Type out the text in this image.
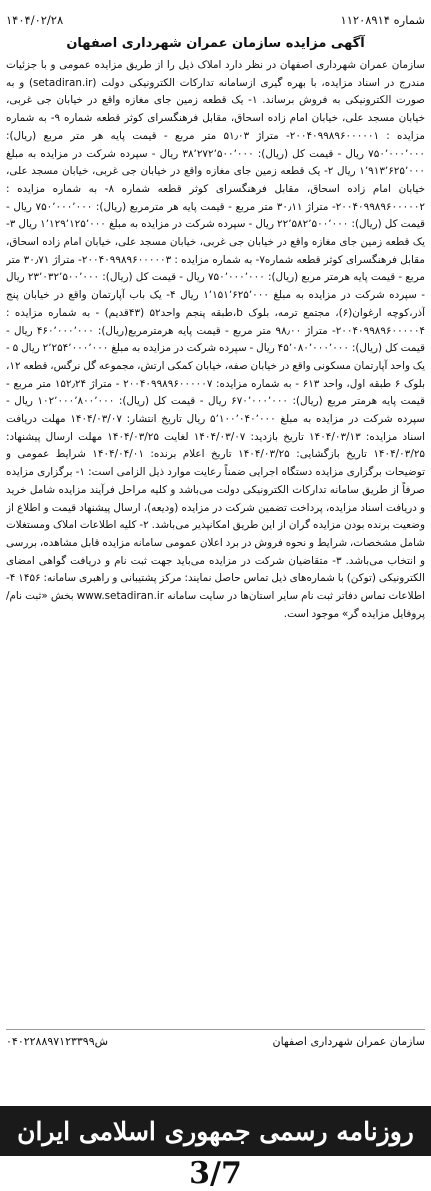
شماره ۱۱۲۰۸۹۱۴
۱۴۰۴/۰۲/۲۸
آگهی مزایده سازمان عمران شهرداری اصفهان
سازمان عمران شهرداری اصفهان در نظر دارد املاک ذیل را از طریق مزایده عمومی و با جزئیات مندرج در اسناد مزایده، با بهره گیری ازسامانه تدارکات الکترونیکی دولت (setadiran.ir) و به صورت الکترونیکی به فروش برساند. ۱- یک قطعه زمین جای مغازه واقع در خیابان جی غربی، خیابان مسجد علی، خیابان امام زاده اسحاق، مقابل فرهنگسرای کوثر قطعه شماره ۹- به شماره مزایده : ۲۰۰۴۰۹۹۸۹۶۰۰۰۰۰۱- متراژ ۵۱٫۰۳ متر مربع - قیمت پایه هر متر مربع (ریال): ۷۵۰٬۰۰۰٬۰۰۰ ریال - قیمت کل (ریال): ۳۸٬۲۷۲٬۵۰۰٬۰۰۰ ریال - سپرده شرکت در مزایده به مبلغ ۱٬۹۱۳٬۶۲۵٬۰۰۰ ریال ۲- یک قطعه زمین جای مغازه واقع در خیابان جی غربی، خیابان مسجد علی، خیابان امام زاده اسحاق، مقابل فرهنگسرای کوثر قطعه شماره ۸- به شماره مزایده : ۲۰۰۴۰۹۹۸۹۶۰۰۰۰۰۲- متراژ ۳۰٫۱۱ متر مربع - قیمت پایه هر مترمربع (ریال): ۷۵۰٬۰۰۰٬۰۰۰ ریال - قیمت کل (ریال): ۲۲٬۵۸۲٬۵۰۰٬۰۰۰ ریال - سپرده شرکت در مزایده به مبلغ ۱٬۱۲۹٬۱۲۵٬۰۰۰ ریال ۳- یک قطعه زمین جای مغازه واقع در خیابان جی غربی، خیابان مسجد علی، خیابان امام زاده اسحاق، مقابل فرهنگسرای کوثر قطعه شماره۷- به شماره مزایده : ۲۰۰۴۰۹۹۸۹۶۰۰۰۰۰۳- متراژ ۳۰٫۷۱ متر مربع - قیمت پایه هرمتر مربع (ریال): ۷۵۰٬۰۰۰٬۰۰۰ ریال - قیمت کل (ریال): ۲۳٬۰۳۲٬۵۰۰٬۰۰۰ ریال - سپرده شرکت در مزایده به مبلغ ۱٬۱۵۱٬۶۲۵٬۰۰۰ ریال ۴- یک باب آپارتمان واقع در خیابان پنج آذر،کوچه ارغوان(۶)، مجتمع ترمه، بلوک b،طبقه پنجم واحد۵۲ (۴۳قدیم) - به شماره مزایده : ۲۰۰۴۰۹۹۸۹۶۰۰۰۰۰۴- متراژ ۹۸٫۰۰ متر مربع - قیمت پایه هرمترمربع(ریال): ۴۶۰٬۰۰۰٬۰۰۰ ریال - قیمت کل (ریال): ۴۵٬۰۸۰٬۰۰۰٬۰۰۰ ریال - سپرده شرکت در مزایده به مبلغ ۲٬۲۵۴٬۰۰۰٬۰۰۰ ریال ۵ - یک واحد آپارتمان مسکونی واقع در خیابان صفه، خیابان کمکی ارتش، مجموعه گل نرگس، قطعه ۱۲، بلوک ۶ طبقه اول، واحد ۶۱۳ - به شماره مزایده: ۲۰۰۴۰۹۹۸۹۶۰۰۰۰۰۷ - متراژ ۱۵۲٫۲۴ متر مربع - قیمت پایه هرمتر مربع (ریال): ۶۷۰٬۰۰۰٬۰۰۰ ریال - قیمت کل (ریال): ۱۰۲٬۰۰۰٬۸۰۰٬۰۰۰ ریال - سپرده شرکت در مزایده به مبلغ ۵٬۱۰۰٬۰۴۰٬۰۰۰ ریال تاریخ انتشار: ۱۴۰۴/۰۳/۰۷ مهلت دریافت اسناد مزایده: ۱۴۰۴/۰۳/۱۳ تاریخ بازدید: ۱۴۰۴/۰۳/۰۷ لغایت ۱۴۰۴/۰۳/۲۵ مهلت ارسال پیشنهاد: ۱۴۰۴/۰۳/۲۵ تاریخ بازگشایی: ۱۴۰۴/۰۳/۲۵ تاریخ اعلام برنده: ۱۴۰۴/۰۴/۰۱ شرایط عمومی و توضیحات برگزاری مزایده دستگاه اجرایی ضمناً رعایت موارد ذیل الزامی است: ۱- برگزاری مزایده صرفاً از طریق سامانه تدارکات الکترونیکی دولت می‌باشد و کلیه مراحل فرآیند مزایده شامل خرید و دریافت اسناد مزایده، پرداخت تضمین شرکت در مزایده (ودیعه)، ارسال پیشنهاد قیمت و اطلاع از وضعیت برنده بودن مزایده گران از این طریق امکانپذیر می‌باشد. ۲- کلیه اطلاعات املاک ومستغلات شامل مشخصات، شرایط و نحوه فروش در برد اعلان عمومی سامانه مزایده قابل مشاهده، بررسی و انتخاب می‌باشد. ۳- متقاضیان شرکت در مزایده می‌باید جهت ثبت نام و دریافت گواهی امضای الکترونیکی (توکن) با شماره‌های ذیل تماس حاصل نمایند: مرکز پشتیبانی و راهبری سامانه: ۱۴۵۶ ۴- اطلاعات تماس دفاتر ثبت نام سایر استان‌ها در سایت سامانه www.setadiran.ir بخش «ثبت نام/پروفایل مزایده گر» موجود است.
سازمان عمران شهرداری اصفهان
ش۰۴۰۲۲۸۸۹۷۱۲۳۳۹۹
روزنامه رسمی جمهوری اسلامی ایران
3/7
